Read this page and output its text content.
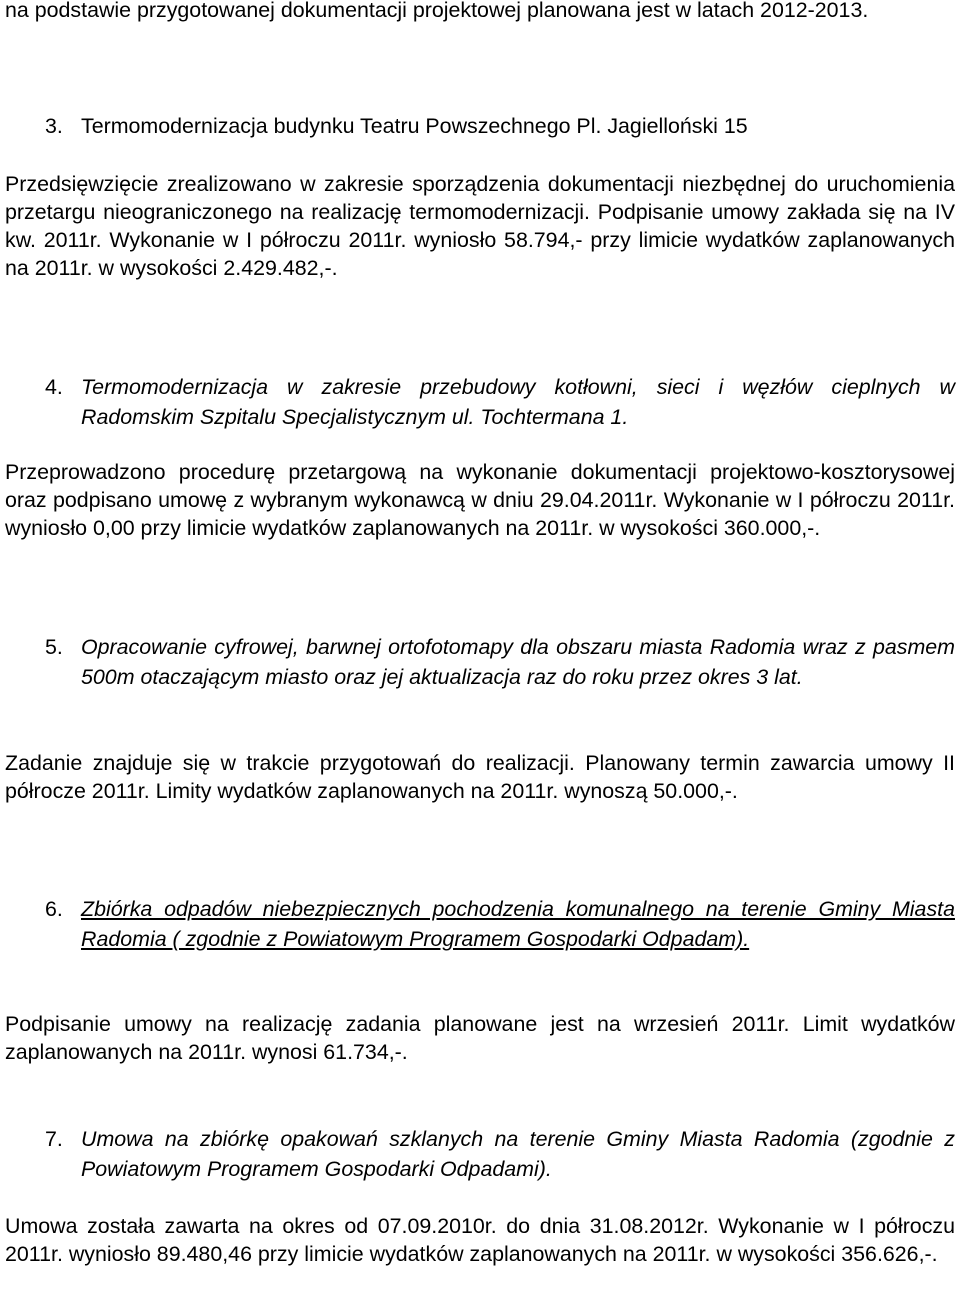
na podstawie przygotowanej dokumentacji projektowej planowana jest w latach 2012-2013.
3. Termomodernizacja budynku Teatru Powszechnego Pl. Jagielloński 15
Przedsięwzięcie zrealizowano w zakresie sporządzenia dokumentacji niezbędnej do uruchomienia przetargu nieograniczonego na realizację termomodernizacji. Podpisanie umowy zakłada się na IV kw. 2011r. Wykonanie w I półroczu 2011r. wyniosło 58.794,- przy limicie wydatków zaplanowanych na 2011r. w wysokości 2.429.482,-.
4. Termomodernizacja w zakresie przebudowy kotłowni, sieci i węzłów cieplnych w Radomskim Szpitalu Specjalistycznym ul. Tochtermana 1.
Przeprowadzono procedurę przetargową na wykonanie dokumentacji projektowo-kosztorysowej oraz podpisano umowę z wybranym wykonawcą w dniu 29.04.2011r. Wykonanie w I półroczu 2011r. wyniosło 0,00 przy limicie wydatków zaplanowanych na 2011r. w wysokości 360.000,-.
5. Opracowanie cyfrowej, barwnej ortofotomapy dla obszaru miasta Radomia wraz z pasmem 500m otaczającym miasto oraz jej aktualizacja raz do roku przez okres 3 lat.
Zadanie znajduje się w trakcie przygotowań do realizacji. Planowany termin zawarcia umowy II półrocze 2011r. Limity wydatków zaplanowanych na 2011r. wynoszą 50.000,-.
6. Zbiórka odpadów niebezpiecznych pochodzenia komunalnego na terenie Gminy Miasta Radomia ( zgodnie z Powiatowym Programem Gospodarki Odpadam).
Podpisanie umowy na realizację zadania planowane jest na wrzesień 2011r. Limit wydatków zaplanowanych na 2011r. wynosi 61.734,-.
7. Umowa na zbiórkę opakowań szklanych na terenie Gminy Miasta Radomia (zgodnie z Powiatowym Programem Gospodarki Odpadami).
Umowa została zawarta na okres od 07.09.2010r. do dnia 31.08.2012r. Wykonanie w I półroczu 2011r. wyniosło 89.480,46 przy limicie wydatków zaplanowanych na 2011r. w wysokości 356.626,-.
